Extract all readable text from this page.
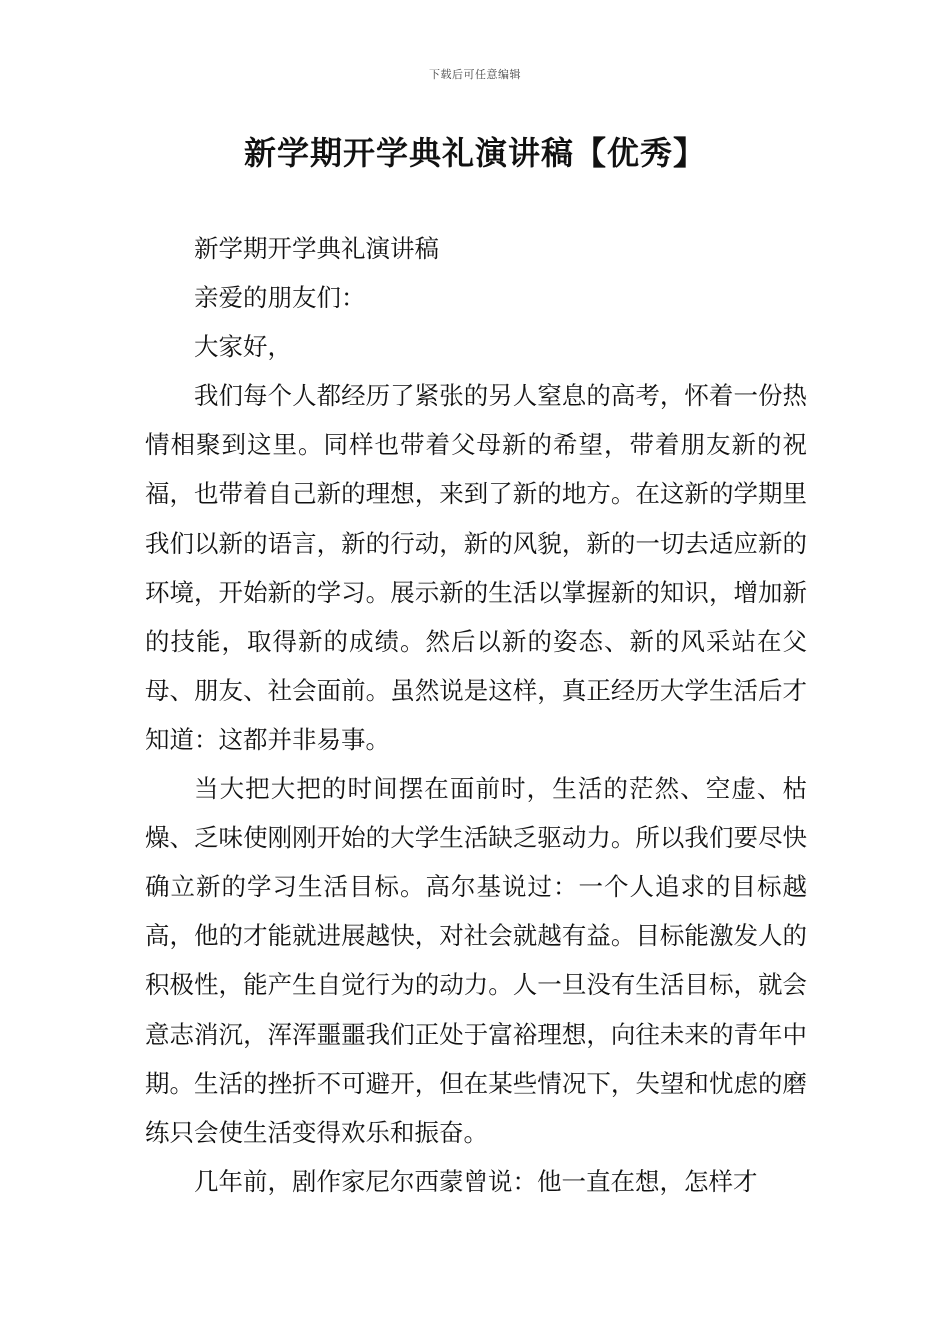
下载后可任意编辑
新学期开学典礼演讲稿【优秀】

新学期开学典礼演讲稿

亲爱的朋友们：

大家好，

我们每个人都经历了紧张的另人窒息的高考，怀着一份热情相聚到这里。同样也带着父母新的希望，带着朋友新的祝福，也带着自己新的理想，来到了新的地方。在这新的学期里我们以新的语言，新的行动，新的风貌，新的一切去适应新的环境，开始新的学习。展示新的生活以掌握新的知识，增加新的技能，取得新的成绩。然后以新的姿态、新的风采站在父母、朋友、社会面前。虽然说是这样，真正经历大学生活后才知道：这都并非易事。

当大把大把的时间摆在面前时，生活的茫然、空虚、枯燥、乏味使刚刚开始的大学生活缺乏驱动力。所以我们要尽快确立新的学习生活目标。高尔基说过：一个人追求的目标越高，他的才能就进展越快，对社会就越有益。目标能激发人的积极性，能产生自觉行为的动力。人一旦没有生活目标，就会意志消沉，浑浑噩噩我们正处于富裕理想，向往未来的青年中期。生活的挫折不可避开，但在某些情况下，失望和忧虑的磨练只会使生活变得欢乐和振奋。

几年前，剧作家尼尔西蒙曾说：他一直在想，怎样才
